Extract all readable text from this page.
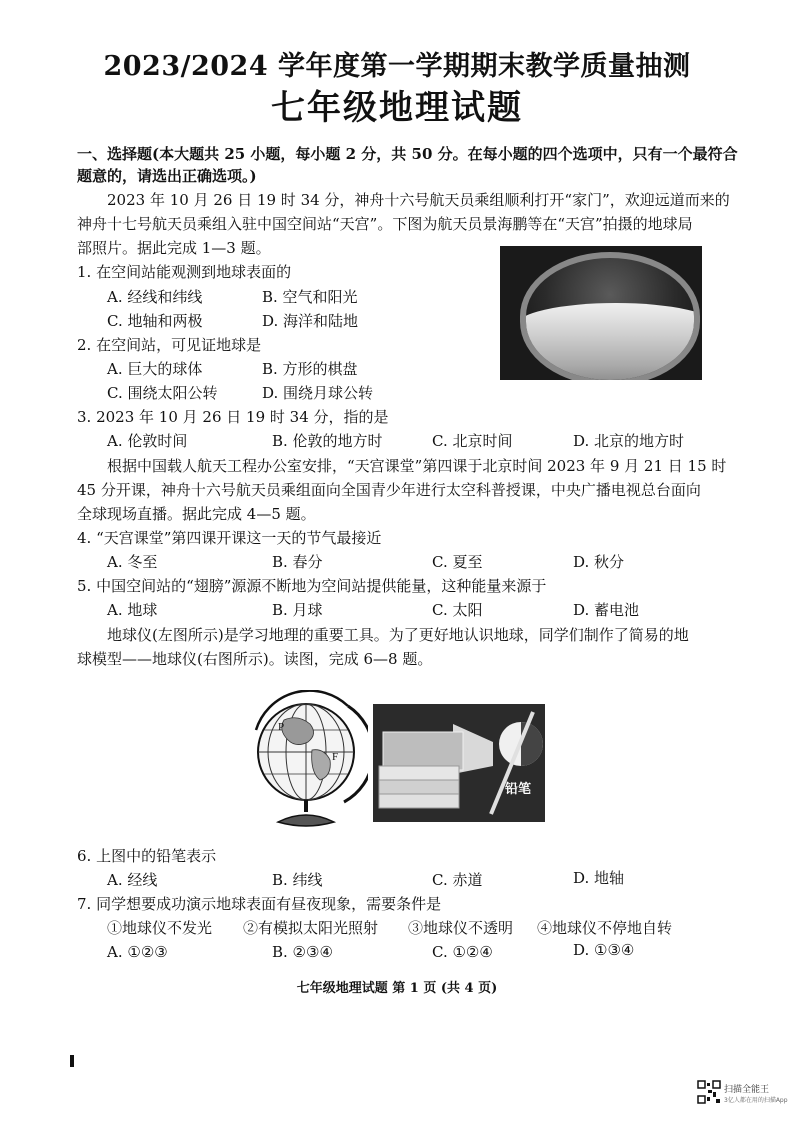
2023/2024 学年度第一学期期末教学质量抽测
七年级地理试题
一、选择题(本大题共 25 小题，每小题 2 分，共 50 分。在每小题的四个选项中，只有一个最符合
题意的，请选出正确选项。)
2023 年 10 月 26 日 19 时 34 分，神舟十六号航天员乘组顺利打开“家门”，欢迎远道而来的
神舟十七号航天员乘组入驻中国空间站“天宫”。下图为航天员景海鹏等在“天宫”拍摄的地球局
部照片。据此完成 1—3 题。
1. 在空间站能观测到地球表面的
A. 经线和纬线	B. 空气和阳光
C. 地轴和两极	D. 海洋和陆地
2. 在空间站，可见证地球是
A. 巨大的球体	B. 方形的棋盘
C. 围绕太阳公转	D. 围绕月球公转
3. 2023 年 10 月 26 日 19 时 34 分，指的是
A. 伦敦时间	B. 伦敦的地方时	C. 北京时间	D. 北京的地方时
根据中国载人航天工程办公室安排，“天宫课堂”第四课于北京时间 2023 年 9 月 21 日 15 时
45 分开课，神舟十六号航天员乘组面向全国青少年进行太空科普授课，中央广播电视总台面向
全球现场直播。据此完成 4—5 题。
4. “天宫课堂”第四课开课这一天的节气最接近
A. 冬至	B. 春分	C. 夏至	D. 秋分
5. 中国空间站的“翅膀”源源不断地为空间站提供能量，这种能量来源于
A. 地球	B. 月球	C. 太阳	D. 蓄电池
地球仪(左图所示)是学习地理的重要工具。为了更好地认识地球，同学们制作了简易的地
球模型——地球仪(右图所示)。读图，完成 6—8 题。
P
F
铅笔
6. 上图中的铅笔表示
A. 经线	B. 纬线	C. 赤道	D. 地轴
7. 同学想要成功演示地球表面有昼夜现象，需要条件是
①地球仪不发光 ②有模拟太阳光照射 ③地球仪不透明 ④地球仪不停地自转
A. ①②③	B. ②③④	C. ①②④	D. ①③④
七年级地理试题 第 1 页 (共 4 页)
扫描全能王
3亿人都在用的扫描App
